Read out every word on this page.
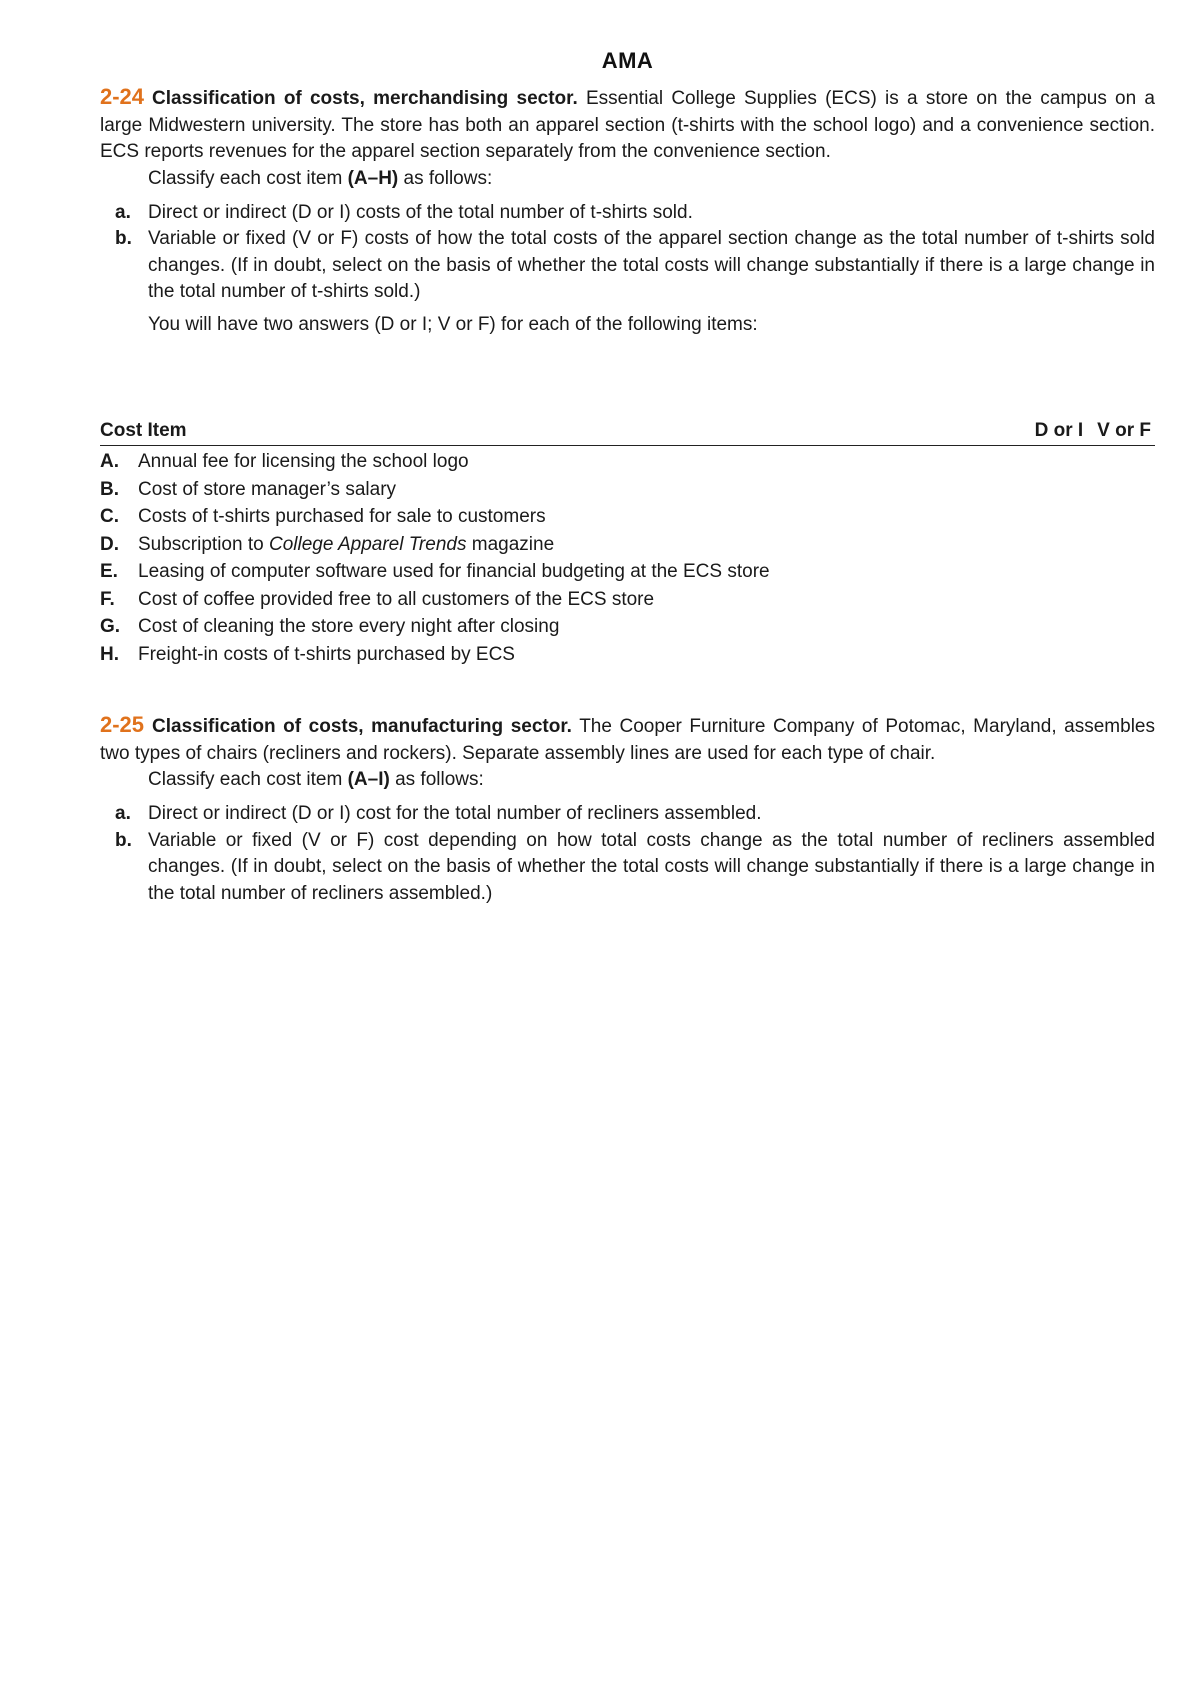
AMA

2-24 Classification of costs, merchandising sector. Essential College Supplies (ECS) is a store on the campus on a large Midwestern university. The store has both an apparel section (t-shirts with the school logo) and a convenience section. ECS reports revenues for the apparel section separately from the convenience section.

Classify each cost item (A–H) as follows:

a. Direct or indirect (D or I) costs of the total number of t-shirts sold.
b. Variable or fixed (V or F) costs of how the total costs of the apparel section change as the total number of t-shirts sold changes. (If in doubt, select on the basis of whether the total costs will change substantially if there is a large change in the total number of t-shirts sold.)

You will have two answers (D or I; V or F) for each of the following items:

Cost Item	D or I V or F
A. Annual fee for licensing the school logo
B. Cost of store manager’s salary
C. Costs of t-shirts purchased for sale to customers
D. Subscription to College Apparel Trends magazine
E. Leasing of computer software used for financial budgeting at the ECS store
F. Cost of coffee provided free to all customers of the ECS store
G. Cost of cleaning the store every night after closing
H. Freight-in costs of t-shirts purchased by ECS

2-25 Classification of costs, manufacturing sector. The Cooper Furniture Company of Potomac, Maryland, assembles two types of chairs (recliners and rockers). Separate assembly lines are used for each type of chair.

Classify each cost item (A–I) as follows:

a. Direct or indirect (D or I) cost for the total number of recliners assembled.
b. Variable or fixed (V or F) cost depending on how total costs change as the total number of recliners assembled changes. (If in doubt, select on the basis of whether the total costs will change substantially if there is a large change in the total number of recliners assembled.)
